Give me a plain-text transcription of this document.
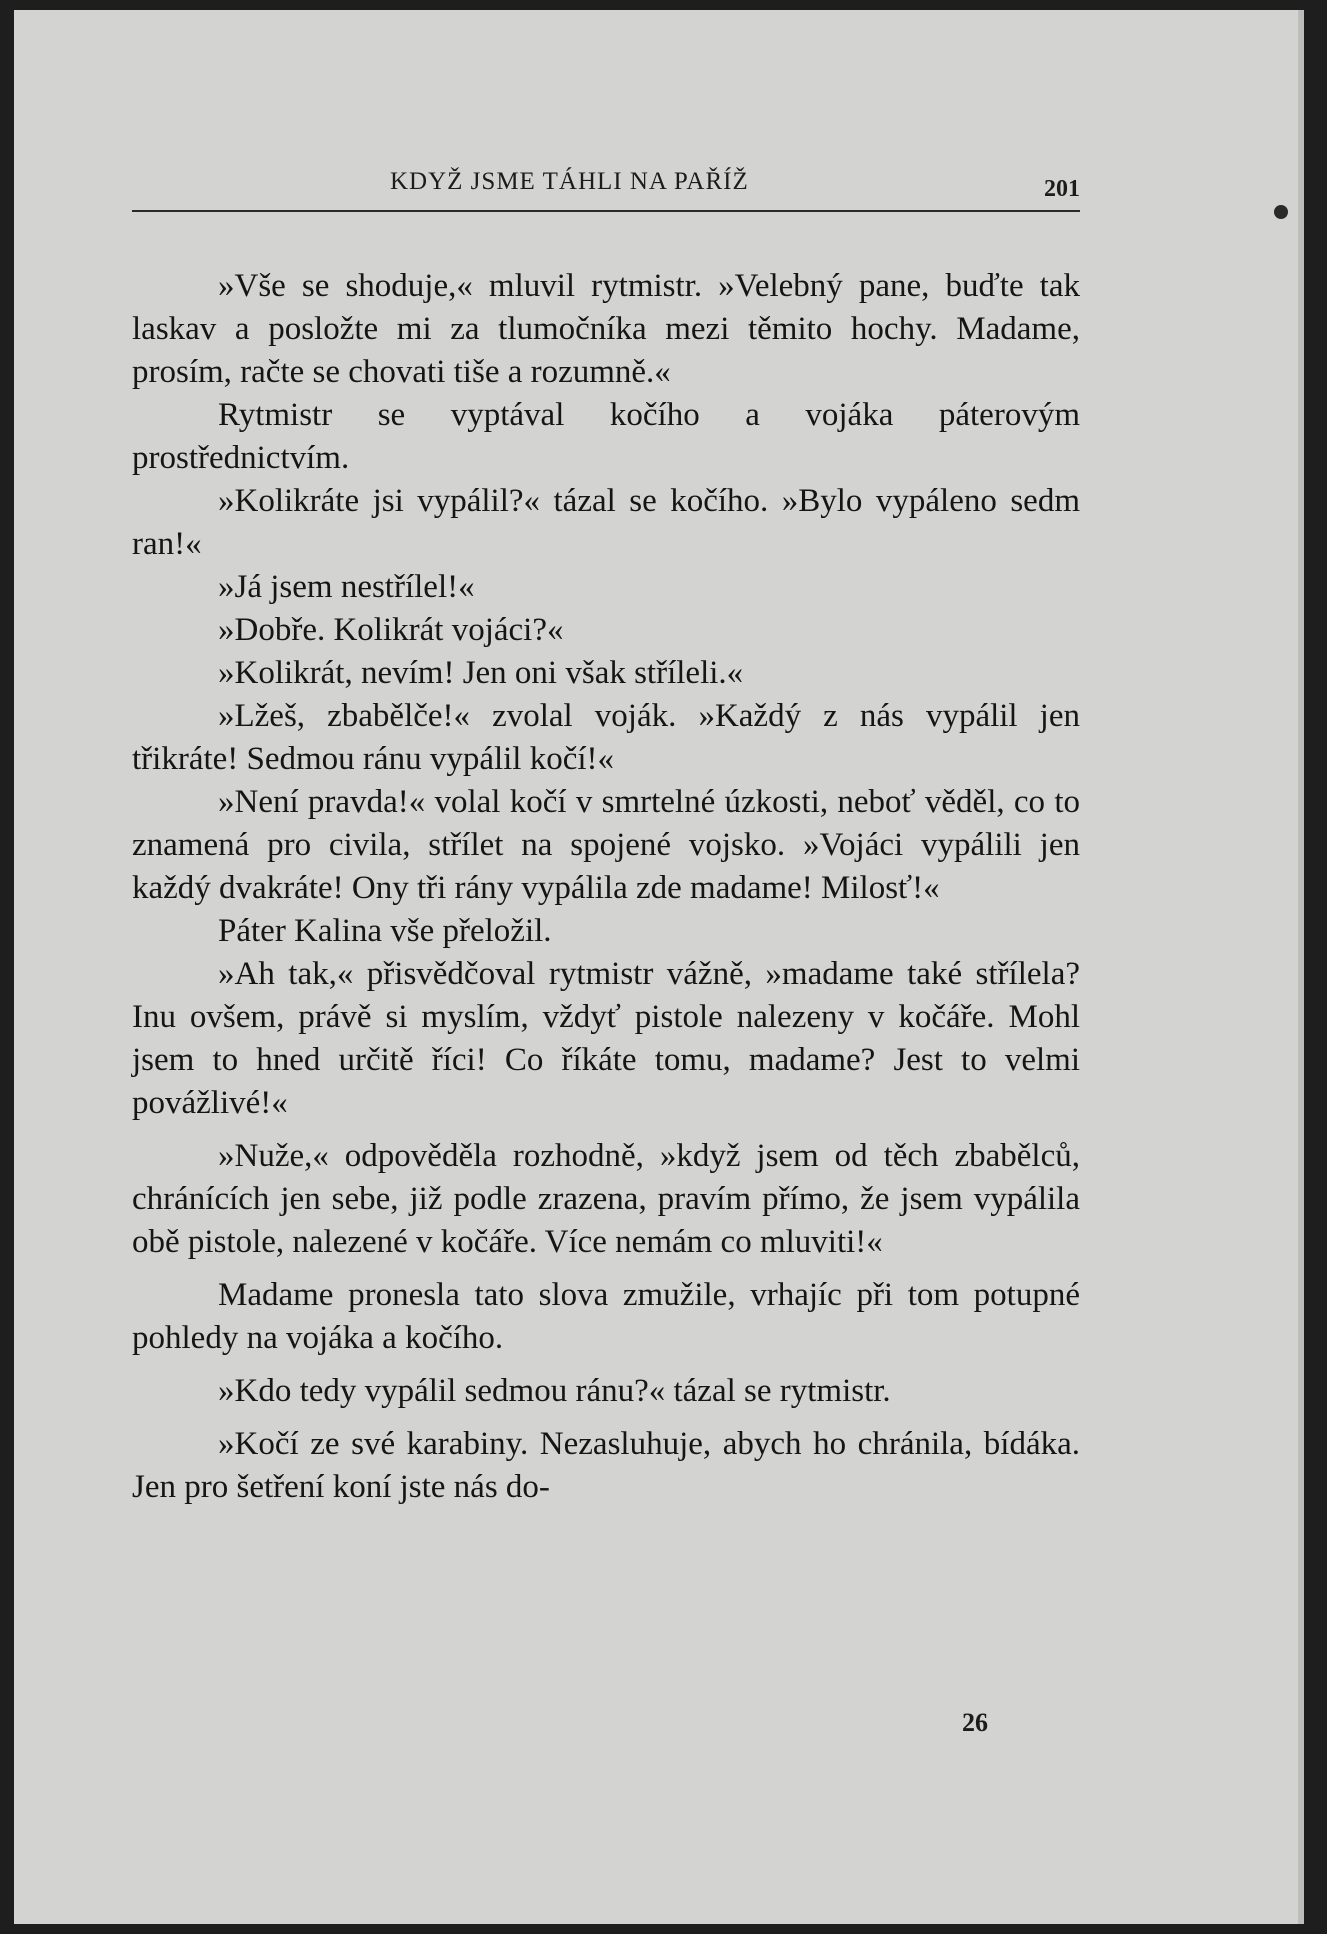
KDYŽ JSME TÁHLI NA PAŘÍŽ	201

»Vše se shoduje,« mluvil rytmistr. »Velebný pane, buďte tak laskav a posložte mi za tlumočníka mezi těmito hochy. Madame, prosím, račte se chovati tiše a rozumně.«

Rytmistr se vyptával kočího a vojáka páterovým prostřednictvím.

»Kolikráte jsi vypálil?« tázal se kočího. »Bylo vypáleno sedm ran!«

»Já jsem nestřílel!«

»Dobře. Kolikrát vojáci?«

»Kolikrát, nevím! Jen oni však stříleli.«

»Lžeš, zbabělče!« zvolal voják. »Každý z nás vypálil jen třikráte! Sedmou ránu vypálil kočí!«

»Není pravda!« volal kočí v smrtelné úzkosti, neboť věděl, co to znamená pro civila, střílet na spojené vojsko. »Vojáci vypálili jen každý dvakráte! Ony tři rány vypálila zde madame! Milosť!«

Páter Kalina vše přeložil.

»Ah tak,« přisvědčoval rytmistr vážně, »madame také střílela? Inu ovšem, právě si myslím, vždyť pistole nalezeny v kočáře. Mohl jsem to hned určitě říci! Co říkáte tomu, madame? Jest to velmi povážlivé!«

»Nuže,« odpověděla rozhodně, »když jsem od těch zbabělců, chránících jen sebe, již podle zrazena, pravím přímo, že jsem vypálila obě pistole, nalezené v kočáře. Více nemám co mluviti!«

Madame pronesla tato slova zmužile, vrhajíc při tom potupné pohledy na vojáka a kočího.

»Kdo tedy vypálil sedmou ránu?« tázal se rytmistr.

»Kočí ze své karabiny. Nezasluhuje, abych ho chránila, bídáka. Jen pro šetření koní jste nás do-

26
